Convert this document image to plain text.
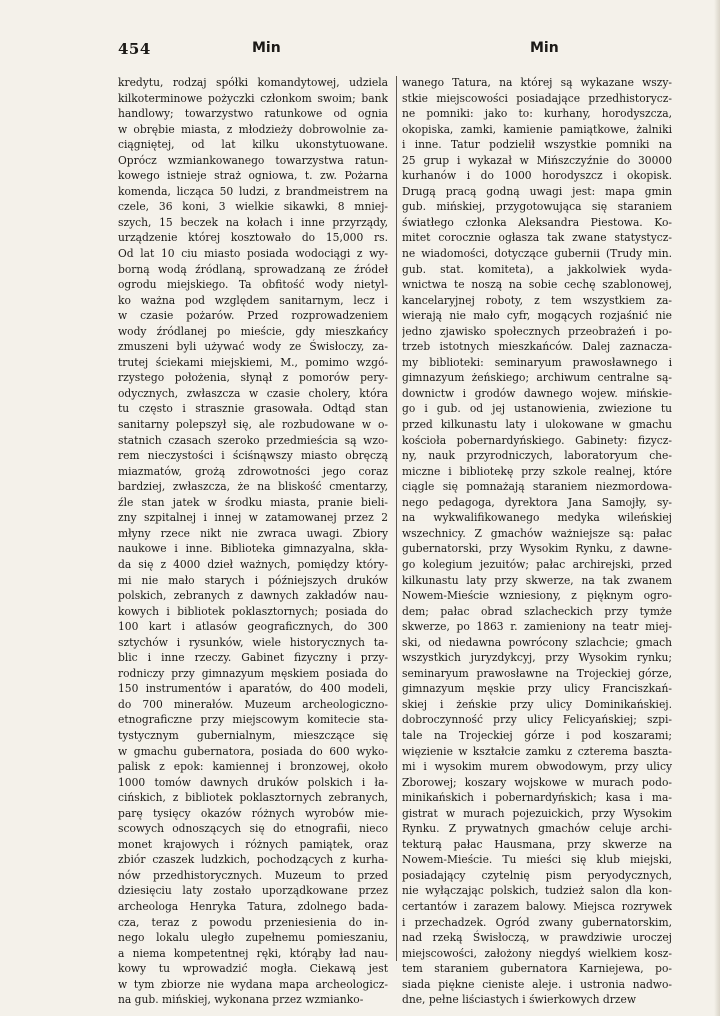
454	Min	Min
kredytu, rodzaj spółki komandytowej, udziela
kilkoterminowe pożyczki członkom swoim; bank
handlowy; towarzystwo ratunkowe od ognia
w obrębie miasta, z młodzieży dobrowolnie za-
ciągniętej, od lat kilku ukonstytuowane.
Oprócz wzmiankowanego towarzystwa ratun-
kowego istnieje straż ogniowa, t. zw. Pożarna
komenda, licząca 50 ludzi, z brandmeistrem na
czele, 36 koni, 3 wielkie sikawki, 8 mniej-
szych, 15 beczek na kołach i inne przyrządy,
urządzenie której kosztowało do 15,000 rs.
Od lat 10 ciu miasto posiada wodociągi z wy-
borną wodą źródlaną, sprowadzaną ze źródeł
ogrodu miejskiego. Ta obfitość wody nietyl-
ko ważna pod względem sanitarnym, lecz i
w czasie pożarów. Przed rozprowadzeniem
wody źródlanej po mieście, gdy mieszkańcy
zmuszeni byli używać wody ze Świsłoczy, za-
trutej ściekami miejskiemi, M., pomimo wzgó-
rzystego położenia, słynął z pomorów pery-
odycznych, zwłaszcza w czasie cholery, która
tu często i strasznie grasowała. Odtąd stan
sanitarny polepszył się, ale rozbudowane w o-
statnich czasach szeroko przedmieścia są wzo-
rem nieczystości i ściśnąwszy miasto obręczą
miazmatów, grożą zdrowotności jego coraz
bardziej, zwłaszcza, że na bliskość cmentarzy,
źle stan jatek w środku miasta, pranie bieli-
zny szpitalnej i innej w zatamowanej przez 2
młyny rzece nikt nie zwraca uwagi. Zbiory
naukowe i inne. Biblioteka gimnazyalna, skła-
da się z 4000 dzieł ważnych, pomiędzy który-
mi nie mało starych i późniejszych druków
polskich, zebranych z dawnych zakładów nau-
kowych i bibliotek poklasztornych; posiada do
100 kart i atlasów geograficznych, do 300
sztychów i rysunków, wiele historycznych ta-
blic i inne rzeczy. Gabinet fizyczny i przy-
rodniczy przy gimnazyum męskiem posiada do
150 instrumentów i aparatów, do 400 modeli,
do 700 minerałów. Muzeum archeologiczno-
etnograficzne przy miejscowym komitecie sta-
tystycznym gubernialnym, mieszczące się
w gmachu gubernatora, posiada do 600 wyko-
palisk z epok: kamiennej i bronzowej, około
1000 tomów dawnych druków polskich i ła-
cińskich, z bibliotek poklasztornych zebranych,
parę tysięcy okazów różnych wyrobów mie-
scowych odnoszących się do etnografii, nieco
monet krajowych i różnych pamiątek, oraz
zbiór czaszek ludzkich, pochodzących z kurha-
nów przedhistorycznych. Muzeum to przed
dziesięciu laty zostało uporządkowane przez
archeologa Henryka Tatura, zdolnego bada-
cza, teraz z powodu przeniesienia do in-
nego lokalu uległo zupełnemu pomieszaniu,
a niema kompetentnej ręki, którąby ład nau-
kowy tu wprowadzić mogła. Ciekawą jest
w tym zbiorze nie wydana mapa archeologicz-
na gub. mińskiej, wykonana przez wzmianko-
wanego Tatura, na której są wykazane wszy-
stkie miejscowości posiadające przedhistorycz-
ne pomniki: jako to: kurhany, horodyszcza,
okopiska, zamki, kamienie pamiątkowe, żalniki
i inne. Tatur podzielił wszystkie pomniki na
25 grup i wykazał w Mińszczyźnie do 30000
kurhanów i do 1000 horodyszcz i okopisk.
Drugą pracą godną uwagi jest: mapa gmin
gub. mińskiej, przygotowująca się staraniem
światłego członka Aleksandra Piestowa. Ko-
mitet corocznie ogłasza tak zwane statystycz-
ne wiadomości, dotyczące gubernii (Trudy min.
gub. stat. komiteta), a jakkolwiek wyda-
wnictwa te noszą na sobie cechę szablonowej,
kancelaryjnej roboty, z tem wszystkiem za-
wierają nie mało cyfr, mogących rozjaśnić nie
jedno zjawisko społecznych przeobrażeń i po-
trzeb istotnych mieszkańców. Dalej zaznacza-
my biblioteki: seminaryum prawosławnego i
gimnazyum żeńskiego; archiwum centralne są-
downictw i grodów dawnego wojew. mińskie-
go i gub. od jej ustanowienia, zwiezione tu
przed kilkunastu laty i ulokowane w gmachu
kościoła pobernardyńskiego. Gabinety: fizycz-
ny, nauk przyrodniczych, laboratoryum che-
miczne i bibliotekę przy szkole realnej, które
ciągle się pomnażają staraniem niezmordowa-
nego pedagoga, dyrektora Jana Samojły, sy-
na wykwalifikowanego medyka wileńskiej
wszechnicy. Z gmachów ważniejsze są: pałac
gubernatorski, przy Wysokim Rynku, z dawne-
go kolegium jezuitów; pałac archirejski, przed
kilkunastu laty przy skwerze, na tak zwanem
Nowem-Mieście wzniesiony, z pięknym ogro-
dem; pałac obrad szlacheckich przy tymże
skwerze, po 1863 r. zamieniony na teatr miej-
ski, od niedawna powrócony szlachcie; gmach
wszystkich juryzdykcyj, przy Wysokim rynku;
seminaryum prawosławne na Trojeckiej górze,
gimnazyum męskie przy ulicy Franciszkań-
skiej i żeńskie przy ulicy Dominikańskiej.
dobroczynność przy ulicy Felicyańskiej; szpi-
tale na Trojeckiej górze i pod koszarami;
więzienie w kształcie zamku z czterema baszta-
mi i wysokim murem obwodowym, przy ulicy
Zborowej; koszary wojskowe w murach podo-
minikańskich i pobernardyńskich; kasa i ma-
gistrat w murach pojezuickich, przy Wysokim
Rynku. Z prywatnych gmachów celuje archi-
tekturą pałac Hausmana, przy skwerze na
Nowem-Mieście. Tu mieści się klub miejski,
posiadający czytelnię pism peryodycznych,
nie wyłączając polskich, tudzież salon dla kon-
certantów i zarazem balowy. Miejsca rozrywek
i przechadzek. Ogród zwany gubernatorskim,
nad rzeką Świsłoczą, w prawdziwie uroczej
miejscowości, założony niegdyś wielkiem kosz-
tem staraniem gubernatora Karniejewa, po-
siada piękne cieniste aleje. i ustronia nadwo-
dne, pełne liściastych i świerkowych drzew
